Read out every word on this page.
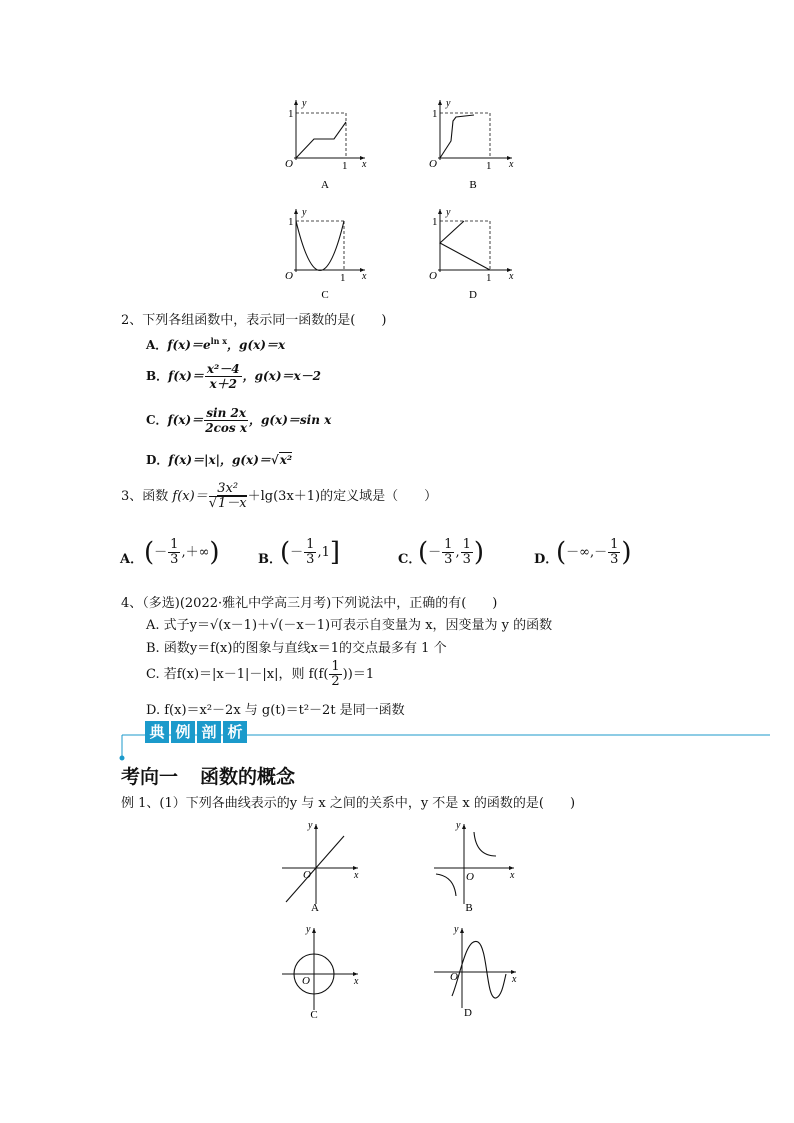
y
x
O
1
1
A
y
x
O
1
1
B
y
x
O
1
1
C
y
x
O
1
1
D
2、下列各组函数中，表示同一函数的是(　　)
A．$f(x)=e^{ln x}$，g(x)＝x
B．$f(x)= \frac{\text{x²－4}}{x+2}$ ，g(x)＝x－2
C．$f(x)= \frac{\sin 2x}{\text{2cos x}}$ ，g(x)＝sin x
D．f(x)＝|x|，g(x)＝√x²
3、函数 $f(x)= \frac{\text{3x²}}{√1-x} +\lg(3x+1)$的定义域是（　　）
A． (－ $\frac{1}{3}$ ,＋∞)	B．
(－ $\frac{1}{3} ,1$]	C．
(－ $\frac{1}{3}$ , $\frac{1}{3}$ )	D．
(－∞,－ $\frac{1}{3}$ )
4、（多选)(2022·雅礼中学高三月考)下列说法中，正确的有(　　)
A. 式子y＝√(x－1)＋√(－x－1)可表示自变量为 x，因变量为 y 的函数
B. 函数y＝f(x)的图象与直线x＝1的交点最多有 1 个
C. 若f(x)＝|x－1|－|x|，则 $f(f( \frac{1}{2} ))=1$
D. f(x)＝x²－2x 与 g(t)＝t²－2t 是同一函数
典 例 剖 析
考向一 函数的概念
例 1、(1）下列各曲线表示的y 与 x 之间的关系中，y 不是 x 的函数的是(　　)
y
x
O
A
y
x
O
B
y
x
O
C
y
x
O
D
